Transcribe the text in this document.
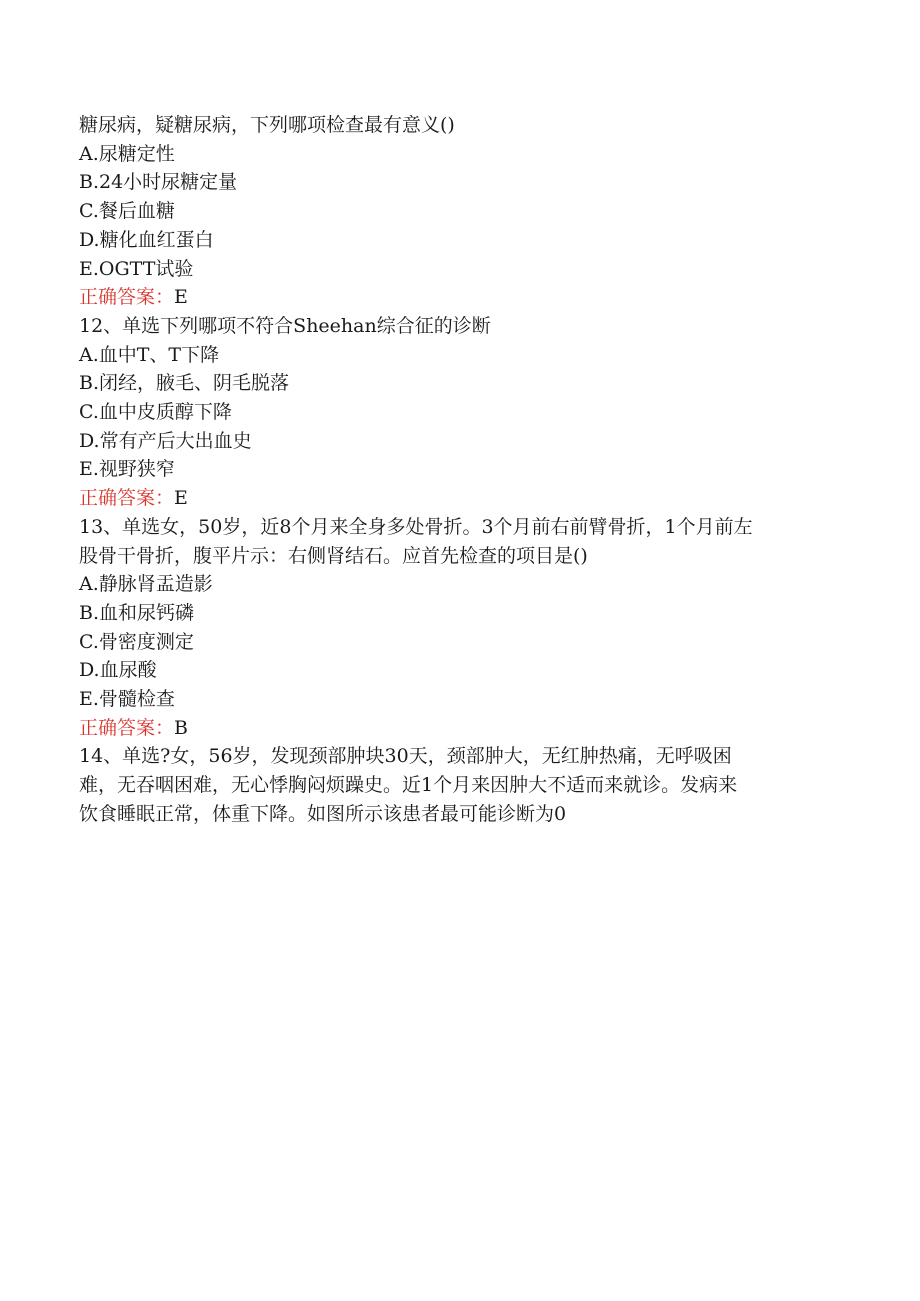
糖尿病，疑糖尿病，下列哪项检查最有意义()

A.尿糖定性

B.24小时尿糖定量

C.餐后血糖

D.糖化血红蛋白

E.OGTT试验

正确答案：E

12、单选下列哪项不符合Sheehan综合征的诊断

A.血中T、T下降

B.闭经，腋毛、阴毛脱落

C.血中皮质醇下降

D.常有产后大出血史

E.视野狭窄

正确答案：E

13、单选女，50岁，近8个月来全身多处骨折。3个月前右前臂骨折，1个月前左

股骨干骨折，腹平片示：右侧肾结石。应首先检查的项目是()

A.静脉肾盂造影

B.血和尿钙磷

C.骨密度测定

D.血尿酸

E.骨髓检查

正确答案：B

14、单选?女，56岁，发现颈部肿块30天，颈部肿大，无红肿热痛，无呼吸困

难，无吞咽困难，无心悸胸闷烦躁史。近1个月来因肿大不适而来就诊。发病来

饮食睡眠正常，体重下降。如图所示该患者最可能诊断为0
